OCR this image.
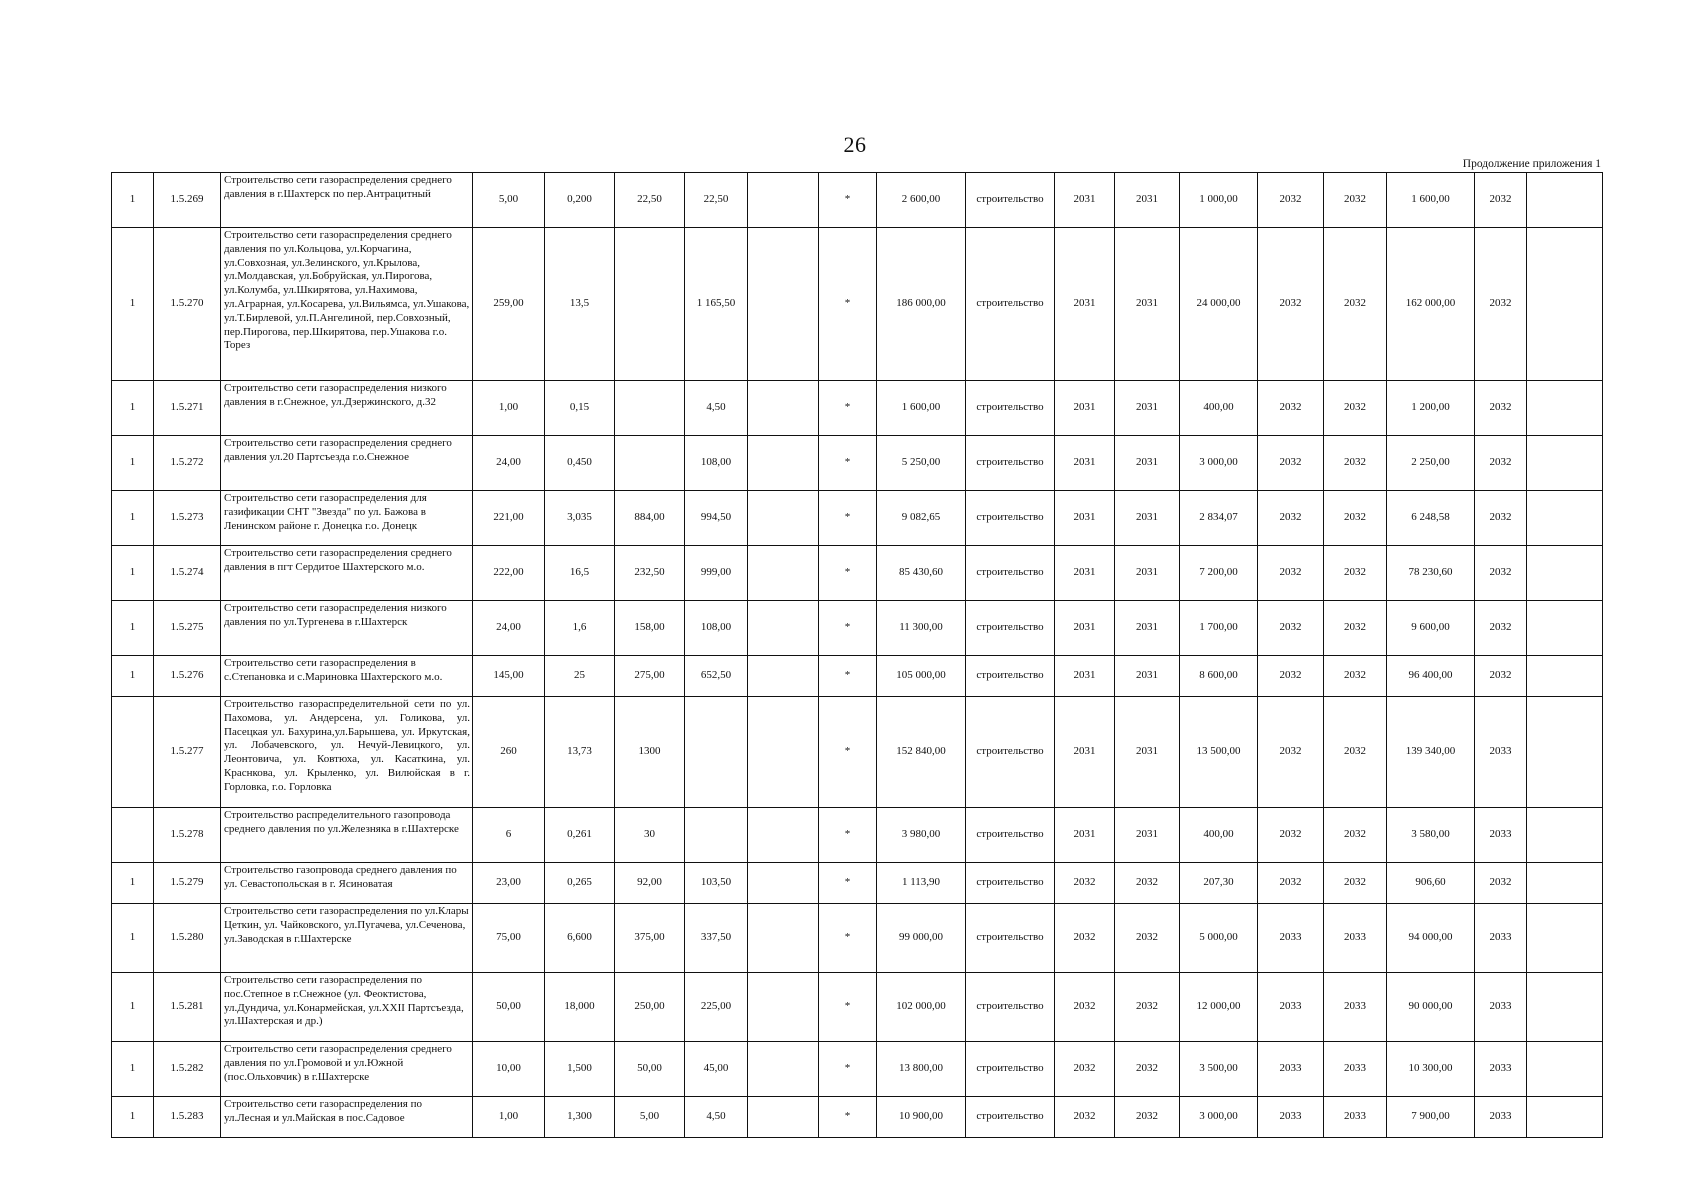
26
Продолжение приложения 1
1	1.5.269	Строительство сети газораспределения среднего давления в г.Шахтерск по пер.Антрацитный	5,00	0,200	22,50	22,50		*	2 600,00	строительство	2031	2031	1 000,00	2032	2032	1 600,00	2032	
1	1.5.270	Строительство сети газораспределения среднего давления по ул.Кольцова, ул.Корчагина, ул.Совхозная, ул.Зелинского, ул.Крылова, ул.Молдавская, ул.Бобруйская, ул.Пирогова, ул.Колумба, ул.Шкирятова, ул.Нахимова, ул.Аграрная, ул.Косарева, ул.Вильямса, ул.Ушакова, ул.Т.Бирлевой, ул.П.Ангелиной, пер.Совхозный, пер.Пирогова, пер.Шкирятова, пер.Ушакова г.о. Торез	259,00	13,5		1 165,50		*	186 000,00	строительство	2031	2031	24 000,00	2032	2032	162 000,00	2032	
1	1.5.271	Строительство сети газораспределения низкого давления в г.Снежное, ул.Дзержинского, д.32	1,00	0,15		4,50		*	1 600,00	строительство	2031	2031	400,00	2032	2032	1 200,00	2032	
1	1.5.272	Строительство сети газораспределения среднего давления ул.20 Партсъезда г.о.Снежное	24,00	0,450		108,00		*	5 250,00	строительство	2031	2031	3 000,00	2032	2032	2 250,00	2032	
1	1.5.273	Строительство сети газораспределения для газификации СНТ "Звезда" по ул. Бажова в Ленинском районе г. Донецка г.о. Донецк	221,00	3,035	884,00	994,50		*	9 082,65	строительство	2031	2031	2 834,07	2032	2032	6 248,58	2032	
1	1.5.274	Строительство сети газораспределения среднего давления в пгт Сердитое Шахтерского м.о.	222,00	16,5	232,50	999,00		*	85 430,60	строительство	2031	2031	7 200,00	2032	2032	78 230,60	2032	
1	1.5.275	Строительство сети газораспределения низкого давления по ул.Тургенева в г.Шахтерск	24,00	1,6	158,00	108,00		*	11 300,00	строительство	2031	2031	1 700,00	2032	2032	9 600,00	2032	
1	1.5.276	Строительство сети газораспределения в с.Степановка и с.Мариновка Шахтерского м.о.	145,00	25	275,00	652,50		*	105 000,00	строительство	2031	2031	8 600,00	2032	2032	96 400,00	2032	
	1.5.277	Строительство газораспределительной сети по ул. Пахомова, ул. Андерсена, ул. Голикова, ул. Пасецкая ул. Бахурина,ул.Барышева, ул. Иркутская, ул. Лобачевского, ул. Нечуй-Левицкого, ул. Леонтовича, ул. Ковтюха, ул. Касаткина, ул. Краснкова, ул. Крыленко, ул. Вилюйская в г. Горловка, г.о. Горловка	260	13,73	1300			*	152 840,00	строительство	2031	2031	13 500,00	2032	2032	139 340,00	2033	
	1.5.278	Строительство распределительного газопровода среднего давления по ул.Железняка в г.Шахтерске	6	0,261	30			*	3 980,00	строительство	2031	2031	400,00	2032	2032	3 580,00	2033	
1	1.5.279	Строительство газопровода среднего давления по ул. Севастопольская в г. Ясиноватая	23,00	0,265	92,00	103,50		*	1 113,90	строительство	2032	2032	207,30	2032	2032	906,60	2032	
1	1.5.280	Строительство сети газораспределения по ул.Клары Цеткин, ул. Чайковского, ул.Пугачева, ул.Сеченова, ул.Заводская в г.Шахтерске	75,00	6,600	375,00	337,50		*	99 000,00	строительство	2032	2032	5 000,00	2033	2033	94 000,00	2033	
1	1.5.281	Строительство сети газораспределения по пос.Степное в г.Снежное (ул. Феоктистова, ул.Дундича, ул.Конармейская, ул.XXII Партсъезда, ул.Шахтерская и др.)	50,00	18,000	250,00	225,00		*	102 000,00	строительство	2032	2032	12 000,00	2033	2033	90 000,00	2033	
1	1.5.282	Строительство сети газораспределения среднего давления по ул.Громовой и ул.Южной (пос.Ольховчик) в г.Шахтерске	10,00	1,500	50,00	45,00		*	13 800,00	строительство	2032	2032	3 500,00	2033	2033	10 300,00	2033	
1	1.5.283	Строительство сети газораспределения по ул.Лесная и ул.Майская в пос.Садовое	1,00	1,300	5,00	4,50		*	10 900,00	строительство	2032	2032	3 000,00	2033	2033	7 900,00	2033	
